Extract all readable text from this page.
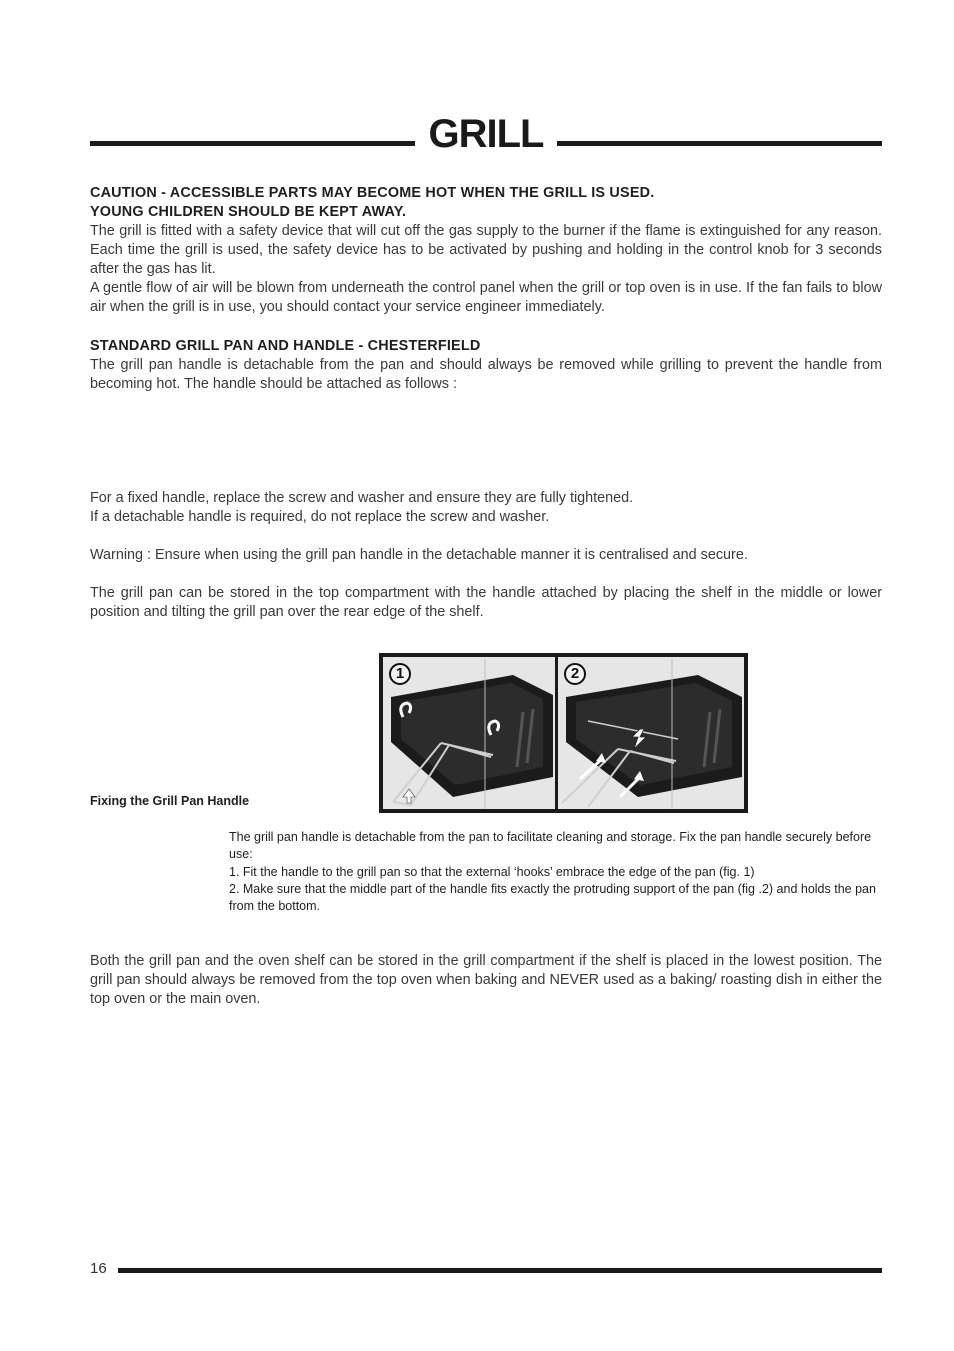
GRILL

CAUTION - ACCESSIBLE PARTS MAY BECOME HOT WHEN THE GRILL IS USED.

YOUNG CHILDREN SHOULD BE KEPT AWAY.

The grill is fitted with a safety device that will cut off the gas supply to the burner if the flame is extinguished for any reason. Each time the grill is used, the safety device has to be activated by pushing and holding in the control knob for 3 seconds after the gas has lit.

A gentle flow of air will be blown from underneath the control panel when the grill or top oven is in use. If the fan fails to blow air when the grill is in use, you should contact your service engineer immediately.

STANDARD GRILL PAN AND HANDLE - CHESTERFIELD

The grill pan handle is detachable from the pan and should always be removed while grilling to prevent the handle from becoming hot. The handle should be attached as follows :

For a fixed handle, replace the screw and washer and ensure they are fully tightened.

If a detachable handle is required, do not replace the screw and washer.

Warning : Ensure when using the grill pan handle in the detachable manner it is centralised and secure.

The grill pan can be stored in the top compartment with the handle attached by placing the shelf in the middle or lower position and tilting the grill pan over the rear edge of the shelf.

Fixing the Grill Pan Handle
1	2

The grill pan handle is detachable from the pan to facilitate cleaning and storage. Fix the pan handle securely before use:

1. Fit the handle to the grill pan so that the external ‘hooks’ embrace the edge of the pan (fig. 1)

2. Make sure that the middle part of the handle fits exactly the protruding support of the pan (fig .2) and holds the pan from the bottom.

Both the grill pan and the oven shelf can be stored in the grill compartment if the shelf is placed in the lowest position. The grill pan should always be removed from the top oven when baking and NEVER used as a baking/ roasting dish in either the top oven or the main oven.

16
